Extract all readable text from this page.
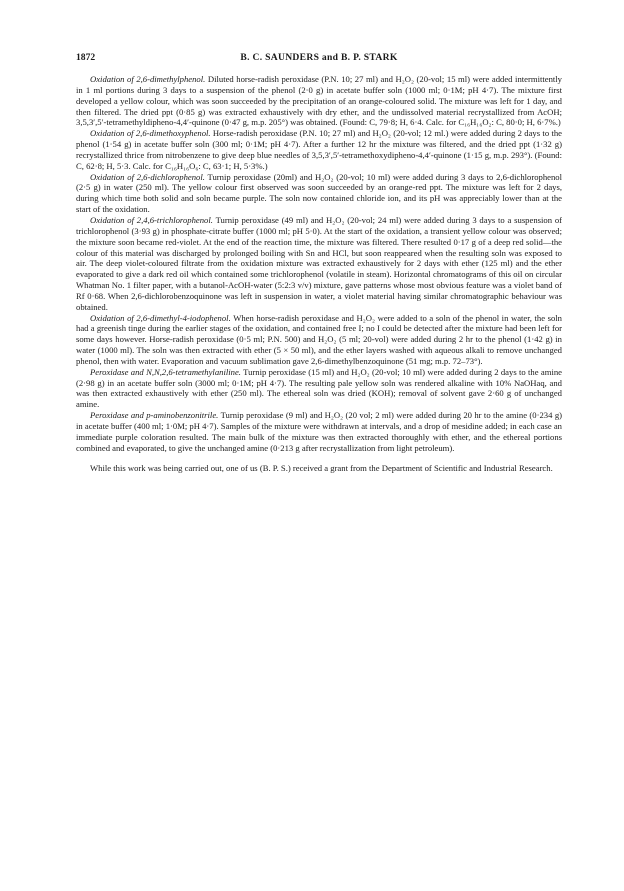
1872	B. C. SAUNDERS and B. P. STARK

Oxidation of 2,6-dimethylphenol. Diluted horse-radish peroxidase (P.N. 10; 27 ml) and H₂O₂ (20-vol; 15 ml) were added intermittently in 1 ml portions during 3 days to a suspension of the phenol (2·0 g) in acetate buffer soln (1000 ml; 0·1M; pH 4·7). The mixture first developed a yellow colour, which was soon succeeded by the precipitation of an orange-coloured solid. The mixture was left for 1 day, and then filtered. The dried ppt (0·85 g) was extracted exhaustively with dry ether, and the undissolved material recrystallized from AcOH; 3,5,3′,5′-tetramethyldipheno-4,4′-quinone (0·47 g, m.p. 205°) was obtained. (Found: C, 79·8; H, 6·4. Calc. for C₁₆H₁₆O₂: C, 80·0; H, 6·7%.)

Oxidation of 2,6-dimethoxyphenol. Horse-radish peroxidase (P.N. 10; 27 ml) and H₂O₂ (20-vol; 12 ml.) were added during 2 days to the phenol (1·54 g) in acetate buffer soln (300 ml; 0·1M; pH 4·7). After a further 12 hr the mixture was filtered, and the dried ppt (1·32 g) recrystallized thrice from nitrobenzene to give deep blue needles of 3,5,3′,5′-tetramethoxydipheno-4,4′-quinone (1·15 g, m.p. 293°). (Found: C, 62·8; H, 5·3. Calc. for C₁₆H₁₆O₆: C, 63·1; H, 5·3%.)

Oxidation of 2,6-dichlorophenol. Turnip peroxidase (20ml) and H₂O₂ (20-vol; 10 ml) were added during 3 days to 2,6-dichlorophenol (2·5 g) in water (250 ml). The yellow colour first observed was soon succeeded by an orange-red ppt. The mixture was left for 2 days, during which time both solid and soln became purple. The soln now contained chloride ion, and its pH was appreciably lower than at the start of the oxidation.

Oxidation of 2,4,6-trichlorophenol. Turnip peroxidase (49 ml) and H₂O₂ (20-vol; 24 ml) were added during 3 days to a suspension of trichlorophenol (3·93 g) in phosphate-citrate buffer (1000 ml; pH 5·0). At the start of the oxidation, a transient yellow colour was observed; the mixture soon became red-violet. At the end of the reaction time, the mixture was filtered. There resulted 0·17 g of a deep red solid—the colour of this material was discharged by prolonged boiling with Sn and HCl, but soon reappeared when the resulting soln was exposed to air. The deep violet-coloured filtrate from the oxidation mixture was extracted exhaustively for 2 days with ether (125 ml) and the ether evaporated to give a dark red oil which contained some trichlorophenol (volatile in steam). Horizontal chromatograms of this oil on circular Whatman No. 1 filter paper, with a butanol-AcOH-water (5:2:3 v/v) mixture, gave patterns whose most obvious feature was a violet band of Rf 0·68. When 2,6-dichlorobenzoquinone was left in suspension in water, a violet material having similar chromatographic behaviour was obtained.

Oxidation of 2,6-dimethyl-4-iodophenol. When horse-radish peroxidase and H₂O₂ were added to a soln of the phenol in water, the soln had a greenish tinge during the earlier stages of the oxidation, and contained free I; no I could be detected after the mixture had been left for some days however. Horse-radish peroxidase (0·5 ml; P.N. 500) and H₂O₂ (5 ml; 20-vol) were added during 2 hr to the phenol (1·42 g) in water (1000 ml). The soln was then extracted with ether (5 × 50 ml), and the ether layers washed with aqueous alkali to remove unchanged phenol, then with water. Evaporation and vacuum sublimation gave 2,6-dimethylbenzoquinone (51 mg; m.p. 72–73°).

Peroxidase and N,N,2,6-tetramethylaniline. Turnip peroxidase (15 ml) and H₂O₂ (20-vol; 10 ml) were added during 2 days to the amine (2·98 g) in an acetate buffer soln (3000 ml; 0·1M; pH 4·7). The resulting pale yellow soln was rendered alkaline with 10% NaOHaq, and was then extracted exhaustively with ether (250 ml). The ethereal soln was dried (KOH); removal of solvent gave 2·60 g of unchanged amine.

Peroxidase and p-aminobenzonitrile. Turnip peroxidase (9 ml) and H₂O₂ (20 vol; 2 ml) were added during 20 hr to the amine (0·234 g) in acetate buffer (400 ml; 1·0M; pH 4·7). Samples of the mixture were withdrawn at intervals, and a drop of mesidine added; in each case an immediate purple coloration resulted. The main bulk of the mixture was then extracted thoroughly with ether, and the ethereal portions combined and evaporated, to give the unchanged amine (0·213 g after recrystallization from light petroleum).

While this work was being carried out, one of us (B. P. S.) received a grant from the Department of Scientific and Industrial Research.
